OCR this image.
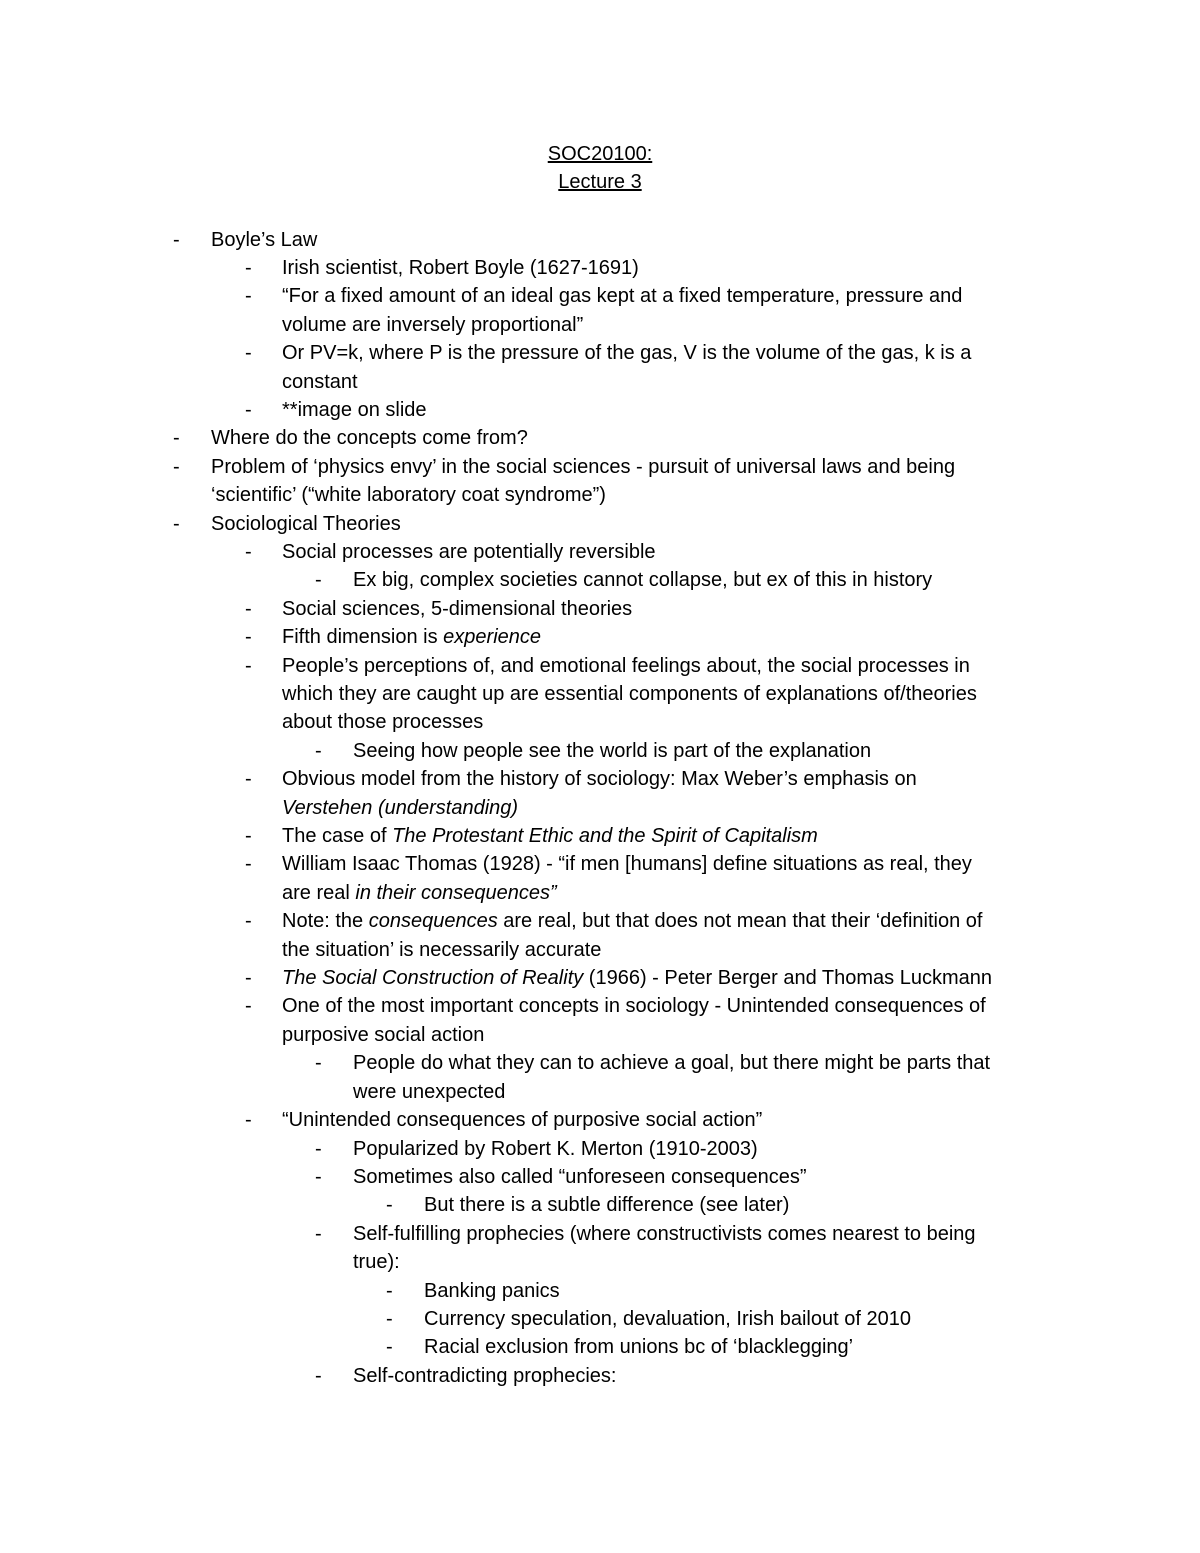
SOC20100:
Lecture 3
- Boyle’s Law
- Irish scientist, Robert Boyle (1627-1691)
- “For a fixed amount of an ideal gas kept at a fixed temperature, pressure and
volume are inversely proportional”
- Or PV=k, where P is the pressure of the gas, V is the volume of the gas, k is a
constant
- **image on slide
- Where do the concepts come from?
- Problem of ‘physics envy’ in the social sciences - pursuit of universal laws and being
‘scientific’ (“white laboratory coat syndrome”)
- Sociological Theories
- Social processes are potentially reversible
- Ex big, complex societies cannot collapse, but ex of this in history
- Social sciences, 5-dimensional theories
- Fifth dimension is experience
- People’s perceptions of, and emotional feelings about, the social processes in
which they are caught up are essential components of explanations of/theories
about those processes
- Seeing how people see the world is part of the explanation
- Obvious model from the history of sociology: Max Weber’s emphasis on
Verstehen (understanding)
- The case of The Protestant Ethic and the Spirit of Capitalism
- William Isaac Thomas (1928) - “if men [humans] define situations as real, they
are real in their consequences”
- Note: the consequences are real, but that does not mean that their ‘definition of
the situation’ is necessarily accurate
- The Social Construction of Reality (1966) - Peter Berger and Thomas Luckmann
- One of the most important concepts in sociology - Unintended consequences of
purposive social action
- People do what they can to achieve a goal, but there might be parts that
were unexpected
- “Unintended consequences of purposive social action”
- Popularized by Robert K. Merton (1910-2003)
- Sometimes also called “unforeseen consequences”
- But there is a subtle difference (see later)
- Self-fulfilling prophecies (where constructivists comes nearest to being
true):
- Banking panics
- Currency speculation, devaluation, Irish bailout of 2010
- Racial exclusion from unions bc of ‘blacklegging’
- Self-contradicting prophecies:
